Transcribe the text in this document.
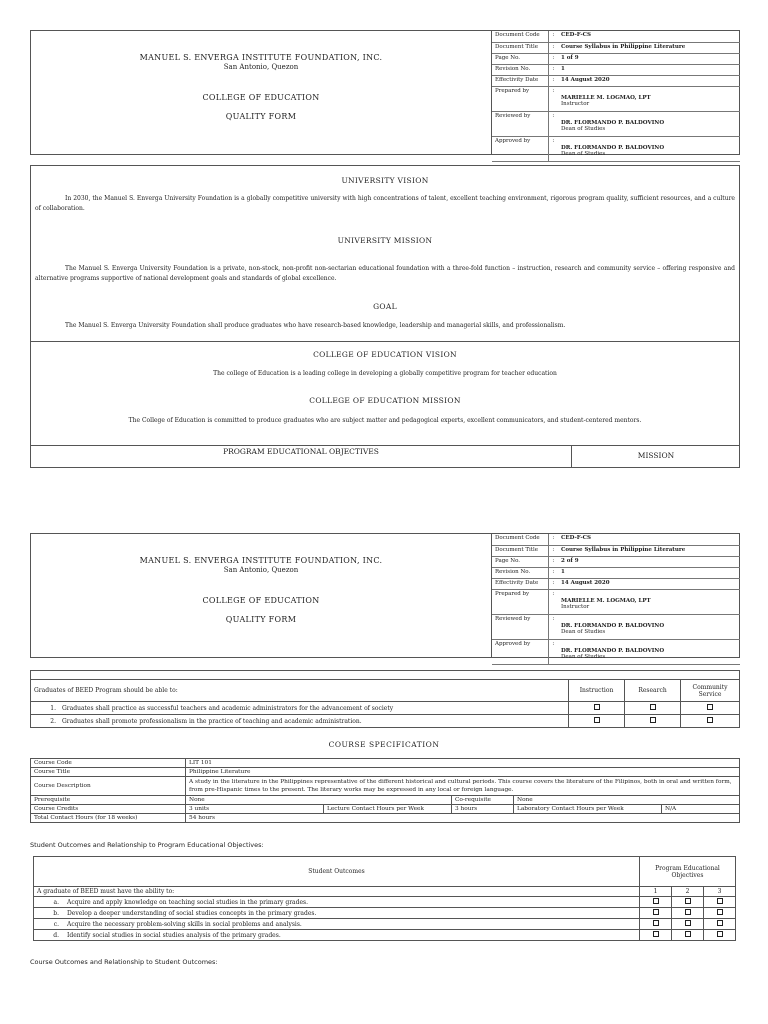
MANUEL S. ENVERGA INSTITUTE FOUNDATION, INC.
San Antonio, Quezon
COLLEGE OF EDUCATION
QUALITY FORM
Document Code	:	CED-F-CS
Document Title	:	Course Syllabus in Philippine Literature
Page No.	:	1 of 9
Revision No.	:	1
Effectivity Date	:	14 August 2020
Prepared by	:	MARIELLE M. LOGMAO, LPT
Instructor

Reviewed by	:	DR. FLORMANDO P. BALDOVINO
Dean of Studies

Approved by	:	DR. FLORMANDO P. BALDOVINO
Dean of Studies
UNIVERSITY VISION
In 2030, the Manuel S. Enverga University Foundation is a globally competitive university with high concentrations of talent, excellent teaching environment, rigorous program quality, sufficient resources, and a culture of collaboration.
UNIVERSITY MISSION
The Manuel S. Enverga University Foundation is a private, non-stock, non-profit non-sectarian educational foundation with a three-fold function – instruction, research and community service – offering responsive and alternative programs supportive of national development goals and standards of global excellence.
GOAL
The Manuel S. Enverga University Foundation shall produce graduates who have research-based knowledge, leadership and managerial skills, and professionalism.
COLLEGE OF EDUCATION VISION
The college of Education is a leading college in developing a globally competitive program for teacher education
COLLEGE OF EDUCATION MISSION
The College of Education is committed to produce graduates who are subject matter and pedagogical experts, excellent communicators, and student-centered mentors.
PROGRAM EDUCATIONAL OBJECTIVES	MISSION
MANUEL S. ENVERGA INSTITUTE FOUNDATION, INC.
San Antonio, Quezon
COLLEGE OF EDUCATION
QUALITY FORM
Document Code	:	CED-F-CS
Document Title	:	Course Syllabus in Philippine Literature
Page No.	:	2 of 9
Revision No.	:	1
Effectivity Date	:	14 August 2020
Prepared by	:	MARIELLE M. LOGMAO, LPT
Instructor

Reviewed by	:	DR. FLORMANDO P. BALDOVINO
Dean of Studies

Approved by	:	DR. FLORMANDO P. BALDOVINO
Dean of Studies

Graduates of BEED Program should be able to:	Instruction	Research	Community Service
1. Graduates shall practice as successful teachers and academic administrators for the advancement of society			
2. Graduates shall promote professionalism in the practice of teaching and academic administration.			
COURSE SPECIFICATION
Course Code	LIT 101				
Course Title	Philippine Literature				
Course Description	A study in the literature in the Philippines representative of the different historical and cultural periods. This course covers the literature of the Filipinos, both in oral and written form, from pre-Hispanic times to the present. The literary works may be expressed in any local or foreign language.				
Prerequisite	None		Co-requisite	None	
Course Credits	3 units	Lecture Contact Hours per Week	3 hours	Laboratory Contact Hours per Week	N/A
Total Contact Hours (for 18 weeks)	54 hours				
Student Outcomes and Relationship to Program Educational Objectives:
Student Outcomes	Program Educational Objectives		
A graduate of BEED must have the ability to:	1	2	3
a. Acquire and apply knowledge on teaching social studies in the primary grades.			
b. Develop a deeper understanding of social studies concepts in the primary grades.			
c. Acquire the necessary problem-solving skills in social problems and analysis.			
d. Identify social studies in social studies analysis of the primary grades.			
Course Outcomes and Relationship to Student Outcomes:
